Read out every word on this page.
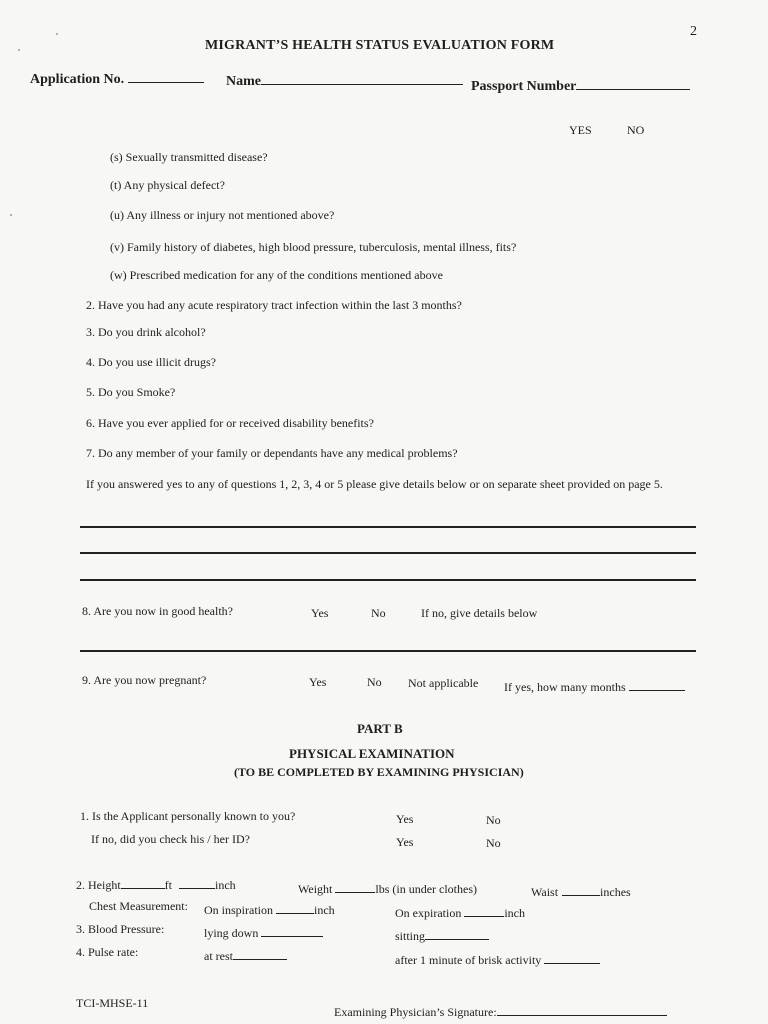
2
MIGRANT’S HEALTH STATUS EVALUATION FORM
Application No.	Name	Passport Number
YES	NO
(s) Sexually transmitted disease?
(t) Any physical defect?
(u) Any illness or injury not mentioned above?
(v) Family history of diabetes, high blood pressure, tuberculosis, mental illness, fits?
(w) Prescribed medication for any of the conditions mentioned above
2. Have you had any acute respiratory tract infection within the last 3 months?
3. Do you drink alcohol?
4. Do you use illicit drugs?
5. Do you Smoke?
6. Have you ever applied for or received disability benefits?
7. Do any member of your family or dependants have any medical problems?
If you answered yes to any of questions 1, 2, 3, 4 or 5 please give details below or on separate sheet provided on page 5.
8. Are you now in good health?	Yes	No	If no, give details below
9. Are you now pregnant?	Yes	No Not applicable If yes, how many months
PART B
PHYSICAL EXAMINATION
(TO BE COMPLETED BY EXAMINING PHYSICIAN)
1. Is the Applicant personally known to you?	Yes	No
If no, did you check his / her ID?	Yes	No
2. Height	ft	inch	Weight	lbs (in under clothes)	Waist	inches
Chest Measurement: On inspiration	inch	On expiration	inch
3. Blood Pressure:	lying down	sitting
4. Pulse rate:	at rest	after 1 minute of brisk activity
TCI-MHSE-11
Examining Physician’s Signature:
